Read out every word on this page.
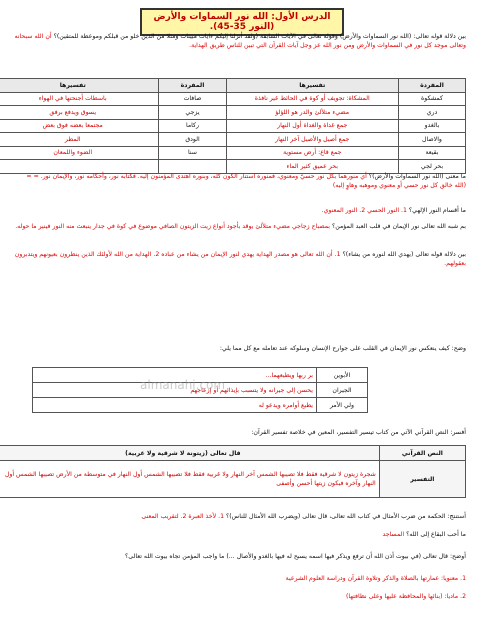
الدرس الأول: الله نور السماوات والأرض (النور 35-45).
بين دلالة قوله تعالى: (الله نور السماوات والأرض) وقوله تعالى في الآيات السابقة (ولقد أنزلنا إليكم ءايات مبينات ومثلا من الذين خلو من قبلكم وموعظة للمتقين)؟ أن الله سبحانه وتعالى موجد كل نور في السماوات والأرض ومن نور الله عز وجل آيات القرآن التي تبين للناس طريق الهداية.
المفردة	تفسيرها	المفردة	تفسيرها
كمشكوة	المشكاة: تجويف أو كوة في الحائط غير نافذة	صافات	باسطات أجنحتها في الهواء
دري	مضيء متلألئ والدر هو اللؤلؤ	يزجي	يسوق ويدفع برفق
بالغدو	جمع غداة والغداة أول النهار	ركاما	مجتمعا بعضه فوق بعض
والاصال	جمع أصيل والأصيل آخر النهار	الودق	المطر
بقيعة	جمع قاع: أرض مستوية	سنا	الضوء واللمعان
بحر لجي	بحر عميق كثير الماء		
ما معنى (الله نور السماوات والأرض)؟ أي منورهما بكل نور حسيّ ومعنوي، فمنوره استنار الكون كله، وبنوره اهتدى المؤمنون إليه. فكتابه نور، وأحكامه نور، والإيمان نور. = = (الله خالق كل نور حسي أو معنوي وموهبه وهاوٍ إليه)
ما أقسام النور الإلهي؟ 1. النور الحسي 2. النور المعنوي.
بم شبه الله تعالى نور الإيمان في قلب العبد المؤمن؟ بمصباح زجاجي مضيء متلألئ يوقد بأجود أنواع زيت الزيتون الصافي موضوع في كوة في جدار ينبعث منه النور فينير ما حوله.
بين دلالة قوله تعالى (يهدي الله لنوره من يشاء)؟ 1. أن الله تعالى هو مصدر الهداية يهدي لنور الإيمان من يشاء من عباده 2. الهداية من الله لأولئك الذين ينظرون بعيونهم ويتدبرون بعقولهم.
وضح: كيف ينعكس نور الإيمان في القلب على جوارح الإنسان وسلوكه عند تعامله مع كل مما يلي:
الأبوين	بر ربها ويطيعهما...
الجيران	يحسن إلى جيرانه ولا يتسبب بإيذائهم أو إزعاجهم
ولي الأمر	يطيع أوامره ويدعو له
almanahj.com
أفسر: النص القرآني الآتي من كتاب تيسير التفسير، المعين في خلاصة تفسير القرآن:
النص القرآني	قال تعالى (زيتونة لا شرقية ولا غربية)
التفسير	شجرة زيتون لا شرقية فقط فلا تصيبها الشمس آخر النهار ولا غربية فقط فلا تصيبها الشمس أول النهار في متوسطة من الأرض تصيبها الشمس أول النهار وآخره فيكون زيتها أحسن وأصفى
أستنتج: الحكمة من ضرب الأمثال في كتاب الله تعالى، قال تعالى (ويضرب الله الأمثال للناس)؟ 1. لأخذ العبرة 2. لتقريب المعنى
ما أحب البقاع إلى الله؟ المساجد
أوضح: قال تعالى (في بيوت أذن الله أن ترفع ويذكر فيها اسمه يسبح له فيها بالغدو والأصال ...) ما واجب المؤمن تجاه بيوت الله تعالى؟
1. معنويا: عمارتها بالصلاة والذكر وتلاوة القرآن ودراسة العلوم الشرعية
2. ماديا: (بنائها والمحافظة عليها وعلى نظافتها)
